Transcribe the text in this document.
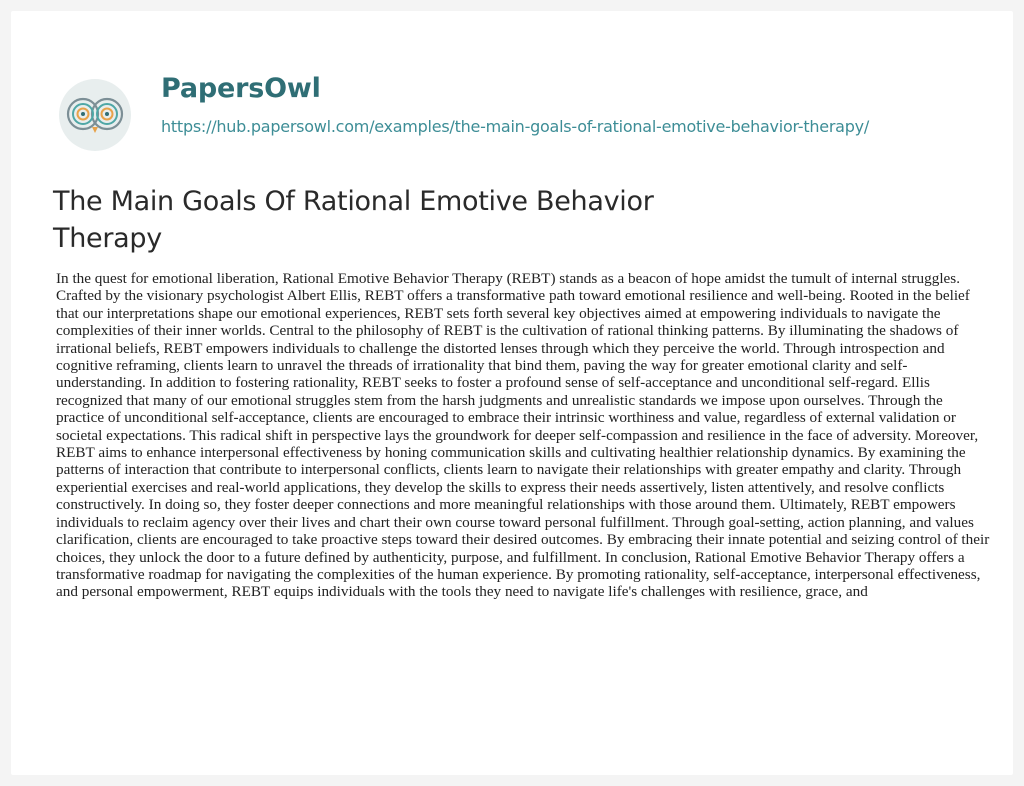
PapersOwl
https://hub.papersowl.com/examples/the-main-goals-of-rational-emotive-behavior-therapy/
The Main Goals Of Rational Emotive Behavior Therapy

In the quest for emotional liberation, Rational Emotive Behavior Therapy (REBT) stands as a beacon of hope amidst the tumult of internal struggles. Crafted by the visionary psychologist Albert Ellis, REBT offers a transformative path toward emotional resilience and well-being. Rooted in the belief that our interpretations shape our emotional experiences, REBT sets forth several key objectives aimed at empowering individuals to navigate the complexities of their inner worlds. Central to the philosophy of REBT is the cultivation of rational thinking patterns. By illuminating the shadows of irrational beliefs, REBT empowers individuals to challenge the distorted lenses through which they perceive the world. Through introspection and cognitive reframing, clients learn to unravel the threads of irrationality that bind them, paving the way for greater emotional clarity and self-understanding. In addition to fostering rationality, REBT seeks to foster a profound sense of self-acceptance and unconditional self-regard. Ellis recognized that many of our emotional struggles stem from the harsh judgments and unrealistic standards we impose upon ourselves. Through the practice of unconditional self-acceptance, clients are encouraged to embrace their intrinsic worthiness and value, regardless of external validation or societal expectations. This radical shift in perspective lays the groundwork for deeper self-compassion and resilience in the face of adversity. Moreover, REBT aims to enhance interpersonal effectiveness by honing communication skills and cultivating healthier relationship dynamics. By examining the patterns of interaction that contribute to interpersonal conflicts, clients learn to navigate their relationships with greater empathy and clarity. Through experiential exercises and real-world applications, they develop the skills to express their needs assertively, listen attentively, and resolve conflicts constructively. In doing so, they foster deeper connections and more meaningful relationships with those around them. Ultimately, REBT empowers individuals to reclaim agency over their lives and chart their own course toward personal fulfillment. Through goal-setting, action planning, and values clarification, clients are encouraged to take proactive steps toward their desired outcomes. By embracing their innate potential and seizing control of their choices, they unlock the door to a future defined by authenticity, purpose, and fulfillment. In conclusion, Rational Emotive Behavior Therapy offers a transformative roadmap for navigating the complexities of the human experience. By promoting rationality, self-acceptance, interpersonal effectiveness, and personal empowerment, REBT equips individuals with the tools they need to navigate life's challenges with resilience, grace, and
